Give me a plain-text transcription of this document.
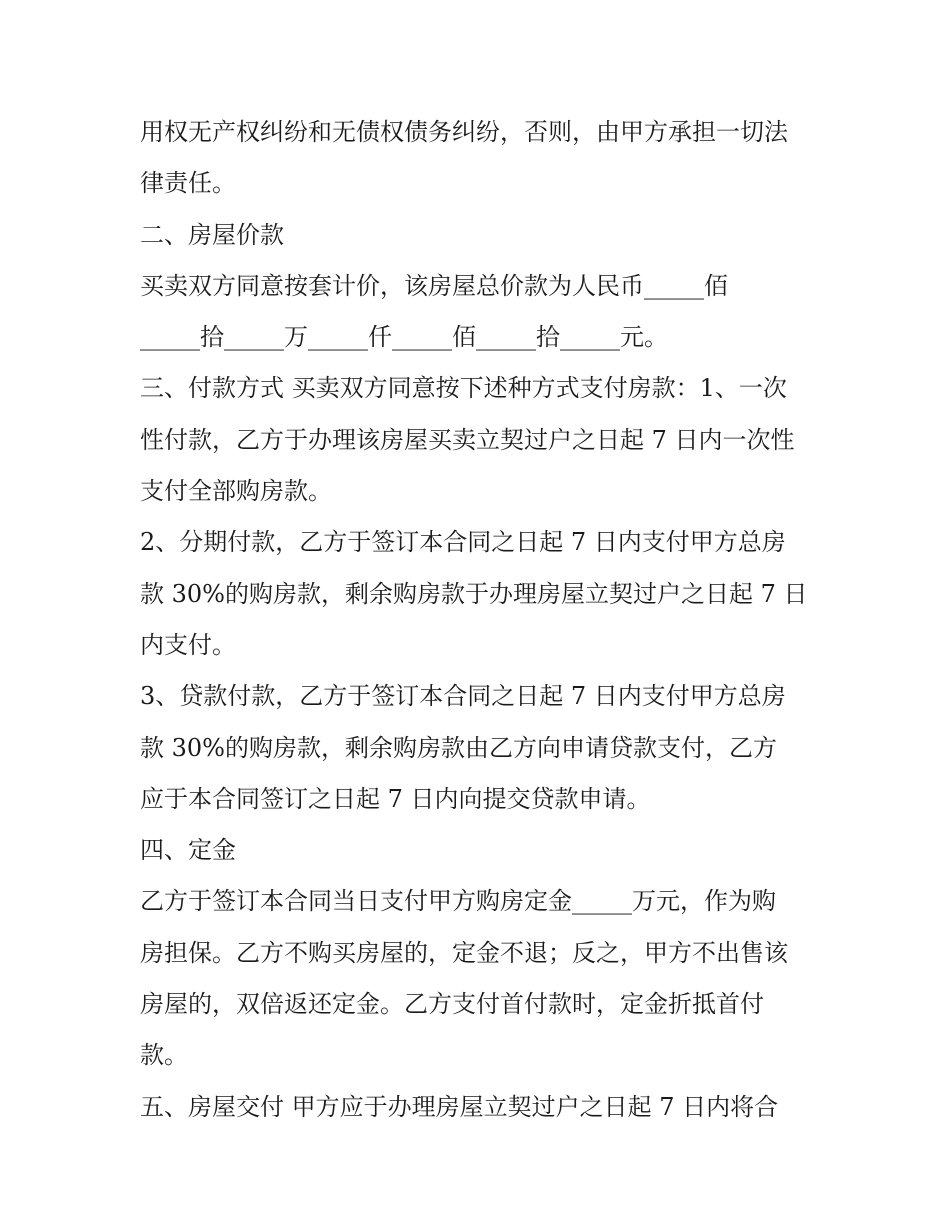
用权无产权纠纷和无债权债务纠纷，否则，由甲方承担一切法
律责任。
二、房屋价款
买卖双方同意按套计价，该房屋总价款为人民币_____佰
_____拾_____万_____仟_____佰_____拾_____元。
三、付款方式 买卖双方同意按下述种方式支付房款：1、一次
性付款，乙方于办理该房屋买卖立契过户之日起 7 日内一次性
支付全部购房款。
2、分期付款，乙方于签订本合同之日起 7 日内支付甲方总房
款 30%的购房款，剩余购房款于办理房屋立契过户之日起 7 日
内支付。
3、贷款付款，乙方于签订本合同之日起 7 日内支付甲方总房
款 30%的购房款，剩余购房款由乙方向申请贷款支付，乙方
应于本合同签订之日起 7 日内向提交贷款申请。
四、定金
乙方于签订本合同当日支付甲方购房定金_____万元，作为购
房担保。乙方不购买房屋的，定金不退；反之，甲方不出售该
房屋的，双倍返还定金。乙方支付首付款时，定金折抵首付
款。
五、房屋交付 甲方应于办理房屋立契过户之日起 7 日内将合
